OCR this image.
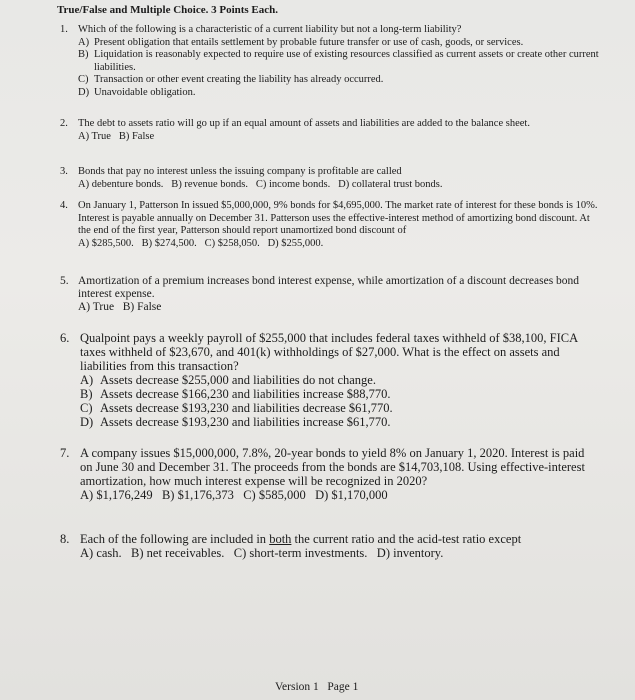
True/False and Multiple Choice. 3 Points Each.
1. Which of the following is a characteristic of a current liability but not a long-term liability?
A) Present obligation that entails settlement by probable future transfer or use of cash, goods, or services.
B) Liquidation is reasonably expected to require use of existing resources classified as current assets or create other current liabilities.
C) Transaction or other event creating the liability has already occurred.
D) Unavoidable obligation.
2. The debt to assets ratio will go up if an equal amount of assets and liabilities are added to the balance sheet.
A) True   B) False
3. Bonds that pay no interest unless the issuing company is profitable are called
A) debenture bonds.   B) revenue bonds.   C) income bonds.   D) collateral trust bonds.
4. On January 1, Patterson In issued $5,000,000, 9% bonds for $4,695,000. The market rate of interest for these bonds is 10%. Interest is payable annually on December 31. Patterson uses the effective-interest method of amortizing bond discount. At the end of the first year, Patterson should report unamortized bond discount of
A) $285,500.   B) $274,500.   C) $258,050.   D) $255,000.
5. Amortization of a premium increases bond interest expense, while amortization of a discount decreases bond interest expense.
A) True   B) False
6. Qualpoint pays a weekly payroll of $255,000 that includes federal taxes withheld of $38,100, FICA taxes withheld of $23,670, and 401(k) withholdings of $27,000. What is the effect on assets and liabilities from this transaction?
A) Assets decrease $255,000 and liabilities do not change.
B) Assets decrease $166,230 and liabilities increase $88,770.
C) Assets decrease $193,230 and liabilities decrease $61,770.
D) Assets decrease $193,230 and liabilities increase $61,770.
7. A company issues $15,000,000, 7.8%, 20-year bonds to yield 8% on January 1, 2020. Interest is paid on June 30 and December 31. The proceeds from the bonds are $14,703,108. Using effective-interest amortization, how much interest expense will be recognized in 2020?
A) $1,176,249   B) $1,176,373   C) $585,000   D) $1,170,000
8. Each of the following are included in both the current ratio and the acid-test ratio except
A) cash.   B) net receivables.   C) short-term investments.   D) inventory.
Version 1   Page 1
